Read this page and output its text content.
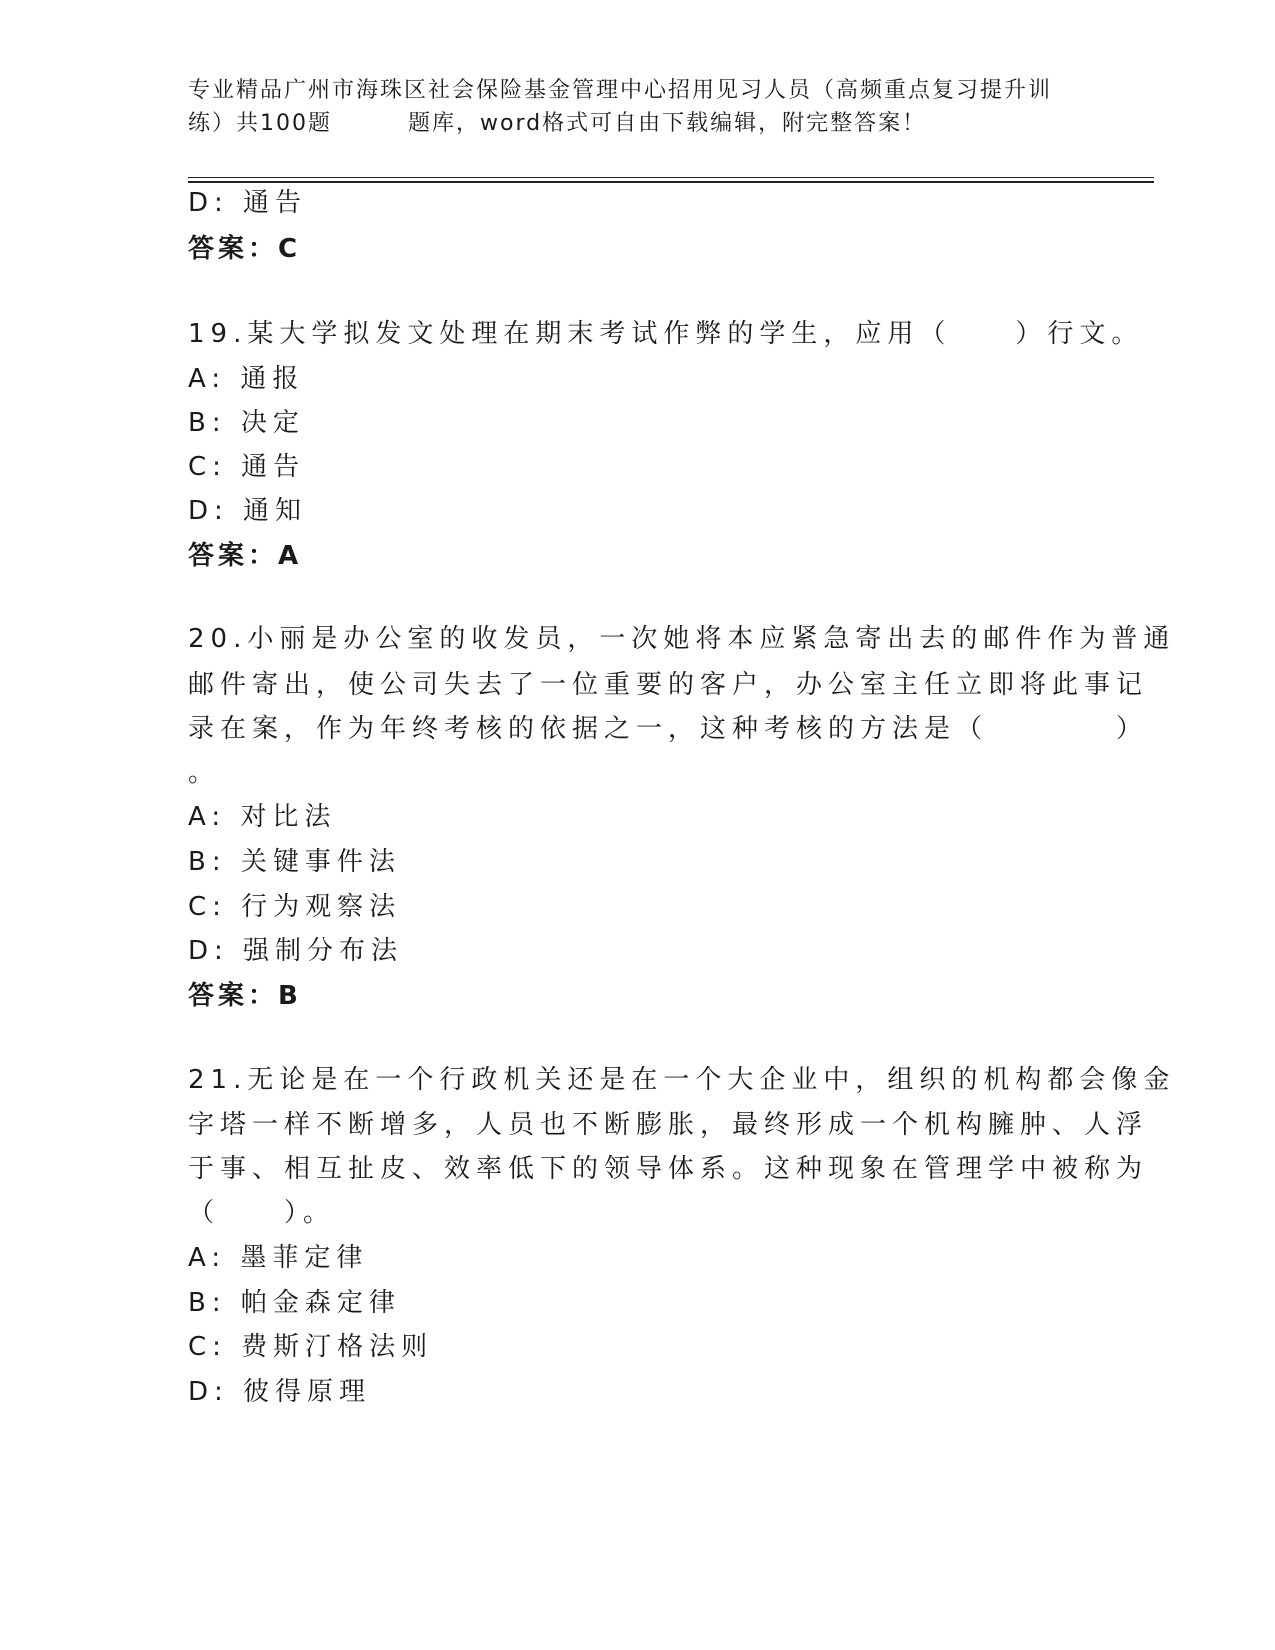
专业精品广州市海珠区社会保险基金管理中心招用见习人员（高频重点复习提升训
练）共100题	题库，word格式可自由下载编辑，附完整答案！
D: 通告
答案：C
19.某大学拟发文处理在期末考试作弊的学生，应用（　　）行文。
A: 通报
B: 决定
C: 通告
D: 通知
答案：A
20.小丽是办公室的收发员，一次她将本应紧急寄出去的邮件作为普通
邮件寄出，使公司失去了一位重要的客户，办公室主任立即将此事记
录在案，作为年终考核的依据之一，这种考核的方法是（　　　　）
。
A: 对比法
B: 关键事件法
C: 行为观察法
D: 强制分布法
答案：B
21.无论是在一个行政机关还是在一个大企业中，组织的机构都会像金
字塔一样不断增多，人员也不断膨胀，最终形成一个机构臃肿、人浮
于事、相互扯皮、效率低下的领导体系。这种现象在管理学中被称为
（　　）。
A: 墨菲定律
B: 帕金森定律
C: 费斯汀格法则
D: 彼得原理
